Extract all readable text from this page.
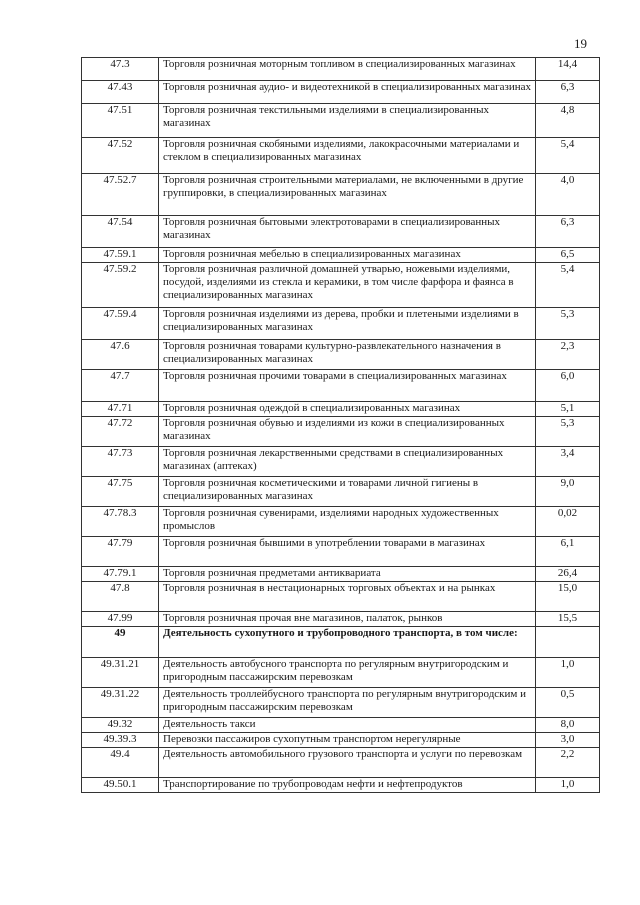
19
47.3	Торговля розничная моторным топливом в специализированных магазинах	14,4
47.43	Торговля розничная аудио- и видеотехникой в специализированных магазинах	6,3
47.51	Торговля розничная текстильными изделиями в специализированных магазинах	4,8
47.52	Торговля розничная скобяными изделиями, лакокрасочными материалами и стеклом в специализированных магазинах	5,4
47.52.7	Торговля розничная строительными материалами, не включенными в другие группировки, в специализированных магазинах	4,0
47.54	Торговля розничная бытовыми электротоварами в специализированных магазинах	6,3
47.59.1	Торговля розничная мебелью в специализированных магазинах	6,5
47.59.2	Торговля розничная различной домашней утварью, ножевыми изделиями, посудой, изделиями из стекла и керамики, в том числе фарфора и фаянса в специализированных магазинах	5,4
47.59.4	Торговля розничная изделиями из дерева, пробки и плетеными изделиями в специализированных магазинах	5,3
47.6	Торговля розничная товарами культурно-развлекательного назначения в специализированных магазинах	2,3
47.7	Торговля розничная прочими товарами в специализированных магазинах	6,0
47.71	Торговля розничная одеждой в специализированных магазинах	5,1
47.72	Торговля розничная обувью и изделиями из кожи в специализированных магазинах	5,3
47.73	Торговля розничная лекарственными средствами в специализированных магазинах (аптеках)	3,4
47.75	Торговля розничная косметическими и товарами личной гигиены в специализированных магазинах	9,0
47.78.3	Торговля розничная сувенирами, изделиями народных художественных промыслов	0,02
47.79	Торговля розничная бывшими в употреблении товарами в магазинах	6,1
47.79.1	Торговля розничная предметами антиквариата	26,4
47.8	Торговля розничная в нестационарных торговых объектах и на рынках	15,0
47.99	Торговля розничная прочая вне магазинов, палаток, рынков	15,5
49	Деятельность сухопутного и трубопроводного транспорта, в том числе:	
49.31.21	Деятельность автобусного транспорта по регулярным внутригородским и пригородным пассажирским перевозкам	1,0
49.31.22	Деятельность троллейбусного транспорта по регулярным внутригородским и пригородным пассажирским перевозкам	0,5
49.32	Деятельность такси	8,0
49.39.3	Перевозки пассажиров сухопутным транспортом нерегулярные	3,0
49.4	Деятельность автомобильного грузового транспорта и услуги по перевозкам	2,2
49.50.1	Транспортирование по трубопроводам нефти и нефтепродуктов	1,0
